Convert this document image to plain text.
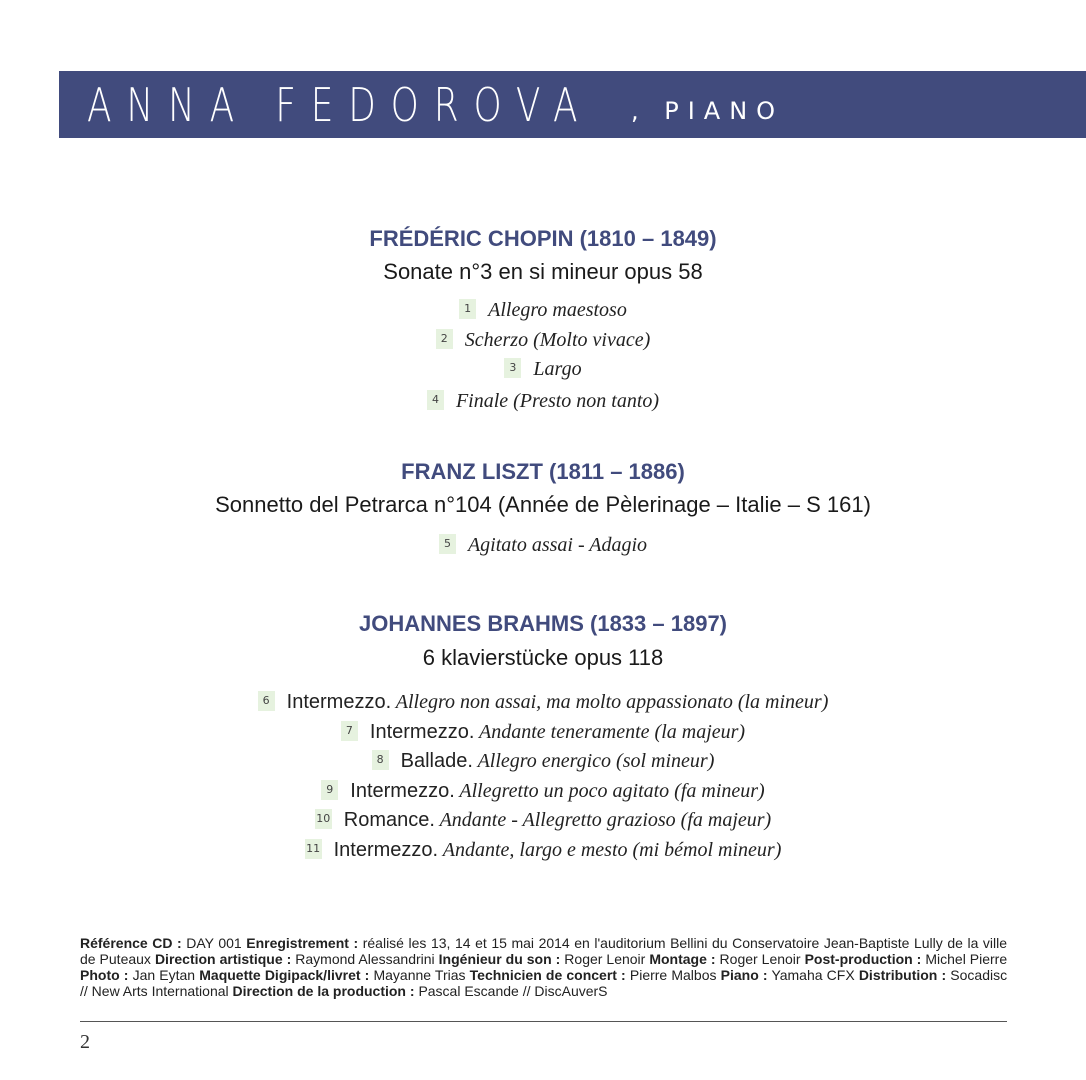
ANNA FEDOROVA , PIANO
FRÉDÉRIC CHOPIN (1810 – 1849)
Sonate n°3 en si mineur opus 58
1 Allegro maestoso
2 Scherzo (Molto vivace)
3 Largo
4 Finale (Presto non tanto)
FRANZ LISZT (1811 – 1886)
Sonnetto del Petrarca n°104 (Année de Pèlerinage – Italie – S 161)
5 Agitato assai - Adagio
JOHANNES BRAHMS (1833 – 1897)
6 klavierstücke opus 118
6 Intermezzo. Allegro non assai, ma molto appassionato (la mineur)
7 Intermezzo. Andante teneramente (la majeur)
8 Ballade. Allegro energico (sol mineur)
9 Intermezzo. Allegretto un poco agitato (fa mineur)
10 Romance. Andante - Allegretto grazioso (fa majeur)
11 Intermezzo. Andante, largo e mesto (mi bémol mineur)
Référence CD : DAY 001 Enregistrement : réalisé les 13, 14 et 15 mai 2014 en l'auditorium Bellini du Conservatoire Jean-Baptiste Lully de la ville de Puteaux Direction artistique : Raymond Alessandrini Ingénieur du son : Roger Lenoir Montage : Roger Lenoir Post-production : Michel Pierre Photo : Jan Eytan Maquette Digipack/livret : Mayanne Trias Technicien de concert : Pierre Malbos Piano : Yamaha CFX Distribution : Socadisc // New Arts International Direction de la production : Pascal Escande // DiscAuverS
2
